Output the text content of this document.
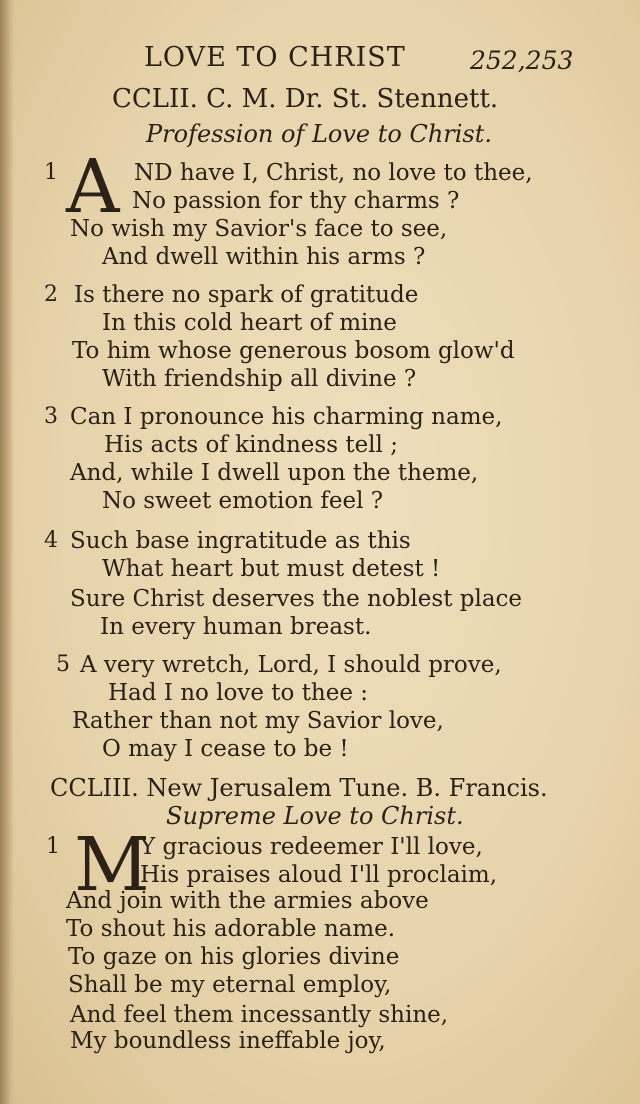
LOVE TO CHRIST	252,253
CCLII. C. M. Dr. St. Stennett.
Profession of Love to Christ.
1 A ND have I, Christ, no love to thee,
No passion for thy charms ?
No wish my Savior's face to see,
And dwell within his arms ?
2 Is there no spark of gratitude
In this cold heart of mine
To him whose generous bosom glow'd
With friendship all divine ?
3 Can I pronounce his charming name,
His acts of kindness tell ;
And, while I dwell upon the theme,
No sweet emotion feel ?
4 Such base ingratitude as this
What heart but must detest !
Sure Christ deserves the noblest place
In every human breast.
5 A very wretch, Lord, I should prove,
Had I no love to thee :
Rather than not my Savior love,
O may I cease to be !
CCLIII. New Jerusalem Tune. B. Francis.
Supreme Love to Christ.
1 M
Y gracious redeemer I'll love,
His praises aloud I'll proclaim,
And join with the armies above
To shout his adorable name.
To gaze on his glories divine
Shall be my eternal employ,
And feel them incessantly shine,
My boundless ineffable joy,
